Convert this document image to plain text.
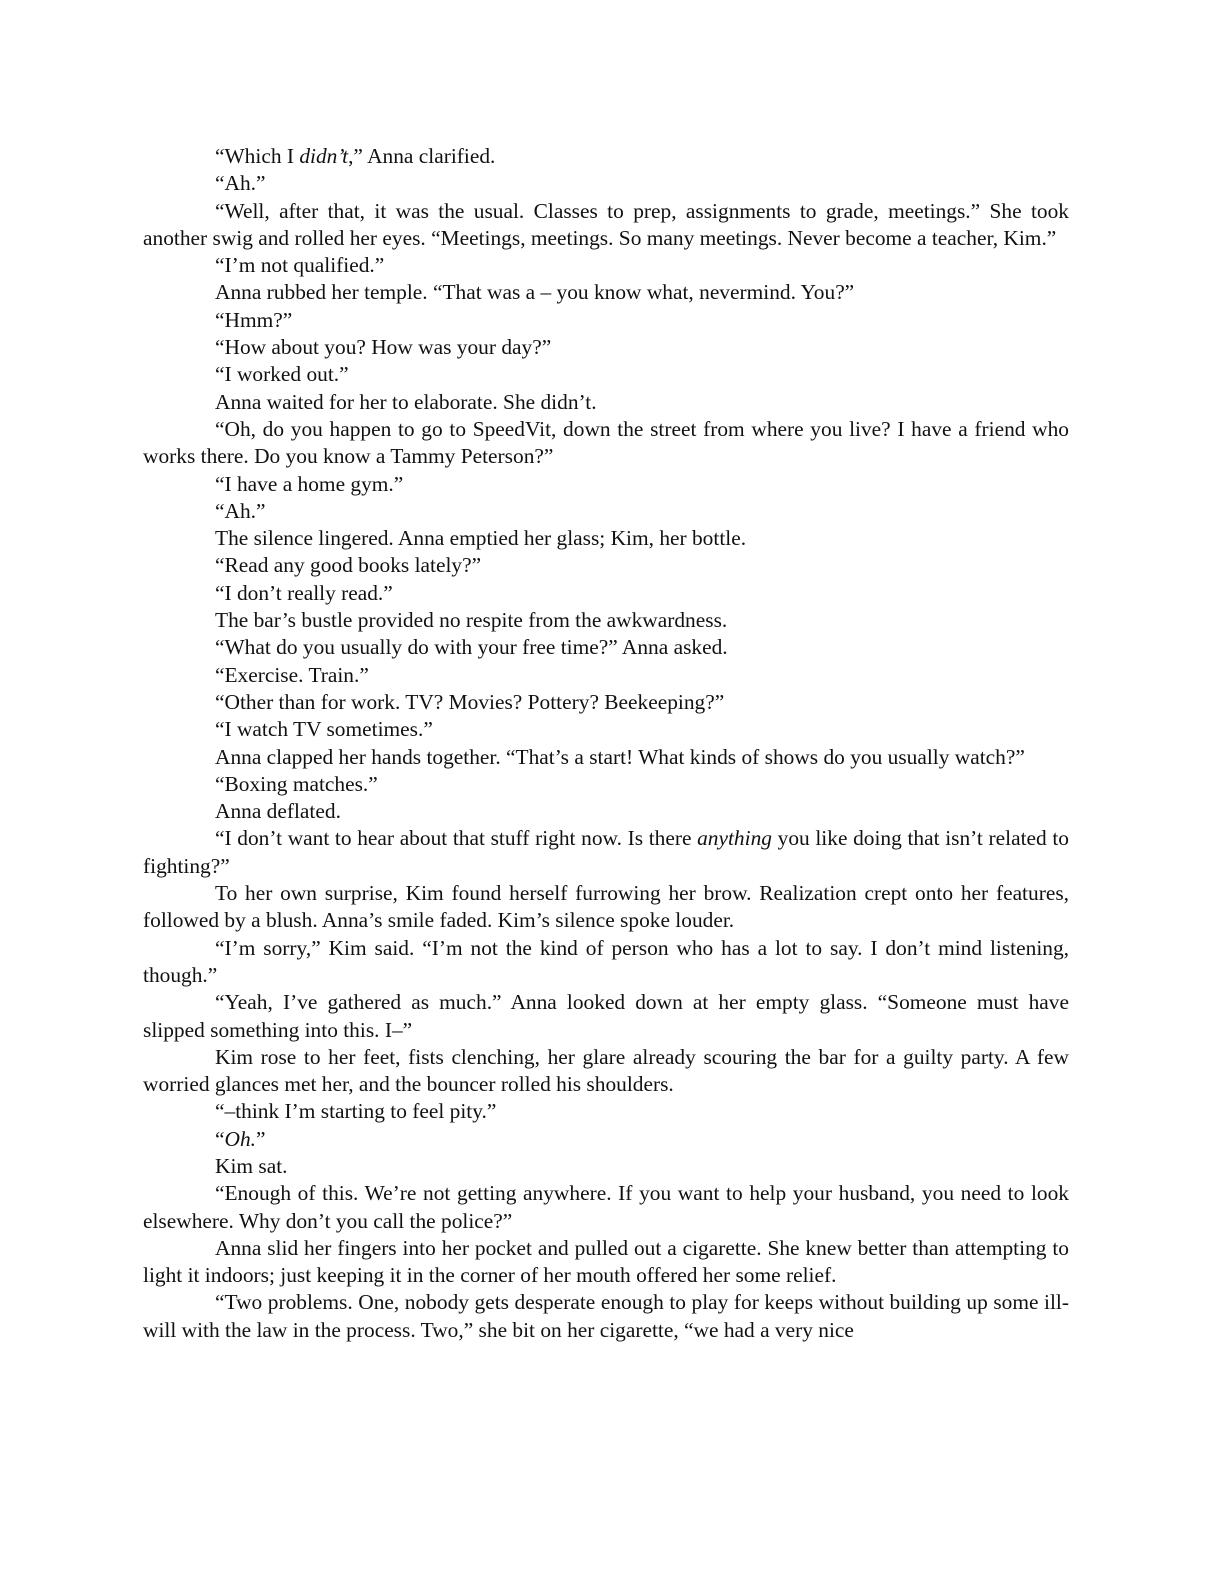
“Which I didn’t,” Anna clarified.

“Ah.”

“Well, after that, it was the usual. Classes to prep, assignments to grade, meetings.” She took another swig and rolled her eyes. “Meetings, meetings. So many meetings. Never become a teacher, Kim.”

“I’m not qualified.”

Anna rubbed her temple. “That was a – you know what, nevermind. You?”

“Hmm?”

“How about you? How was your day?”

“I worked out.”

Anna waited for her to elaborate. She didn’t.

“Oh, do you happen to go to SpeedVit, down the street from where you live? I have a friend who works there. Do you know a Tammy Peterson?”

“I have a home gym.”

“Ah.”

The silence lingered. Anna emptied her glass; Kim, her bottle.

“Read any good books lately?”

“I don’t really read.”

The bar’s bustle provided no respite from the awkwardness.

“What do you usually do with your free time?” Anna asked.

“Exercise. Train.”

“Other than for work. TV? Movies? Pottery? Beekeeping?”

“I watch TV sometimes.”

Anna clapped her hands together. “That’s a start! What kinds of shows do you usually watch?”

“Boxing matches.”

Anna deflated.

“I don’t want to hear about that stuff right now. Is there anything you like doing that isn’t related to fighting?”

To her own surprise, Kim found herself furrowing her brow. Realization crept onto her features, followed by a blush. Anna’s smile faded. Kim’s silence spoke louder.

“I’m sorry,” Kim said. “I’m not the kind of person who has a lot to say. I don’t mind listening, though.”

“Yeah, I’ve gathered as much.” Anna looked down at her empty glass. “Someone must have slipped something into this. I–”

Kim rose to her feet, fists clenching, her glare already scouring the bar for a guilty party. A few worried glances met her, and the bouncer rolled his shoulders.

“–think I’m starting to feel pity.”

“Oh.”

Kim sat.

“Enough of this. We’re not getting anywhere. If you want to help your husband, you need to look elsewhere. Why don’t you call the police?”

Anna slid her fingers into her pocket and pulled out a cigarette. She knew better than attempting to light it indoors; just keeping it in the corner of her mouth offered her some relief.

“Two problems. One, nobody gets desperate enough to play for keeps without building up some ill-will with the law in the process. Two,” she bit on her cigarette, “we had a very nice
